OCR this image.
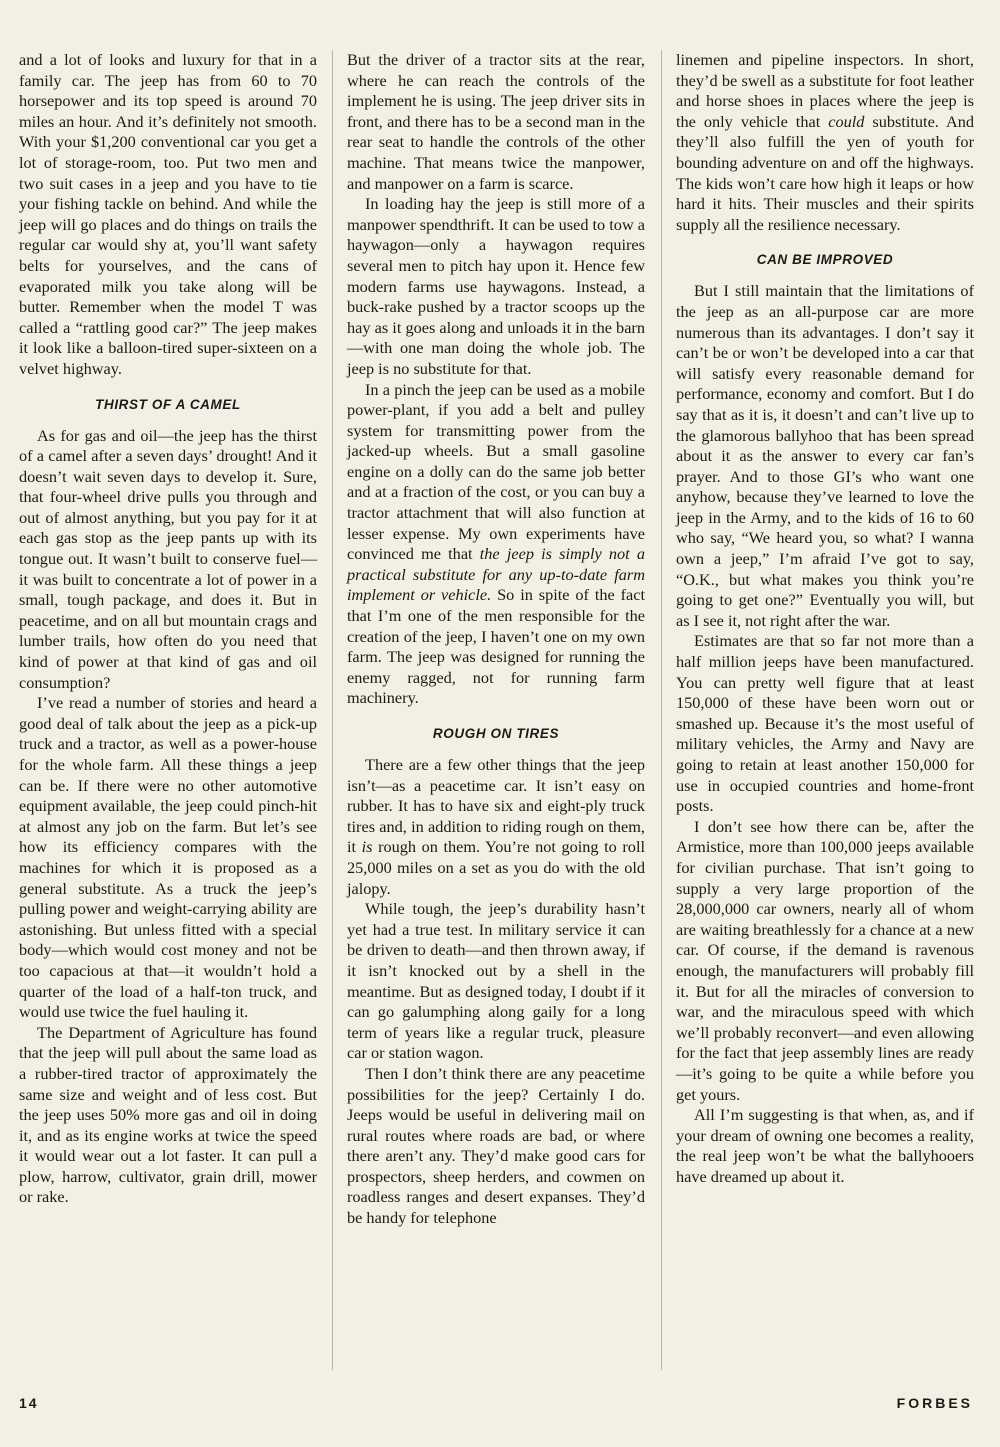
and a lot of looks and luxury for that in a family car. The jeep has from 60 to 70 horsepower and its top speed is around 70 miles an hour. And it’s definitely not smooth. With your $1,200 conventional car you get a lot of storage-room, too. Put two men and two suit cases in a jeep and you have to tie your fishing tackle on behind. And while the jeep will go places and do things on trails the regular car would shy at, you’ll want safety belts for yourselves, and the cans of evaporated milk you take along will be butter. Remember when the model T was called a “rattling good car?” The jeep makes it look like a balloon-tired super-sixteen on a velvet highway.

THIRST OF A CAMEL

As for gas and oil—the jeep has the thirst of a camel after a seven days’ drought! And it doesn’t wait seven days to develop it. Sure, that four-wheel drive pulls you through and out of almost anything, but you pay for it at each gas stop as the jeep pants up with its tongue out. It wasn’t built to conserve fuel—it was built to concentrate a lot of power in a small, tough package, and does it. But in peacetime, and on all but mountain crags and lumber trails, how often do you need that kind of power at that kind of gas and oil consumption?

I’ve read a number of stories and heard a good deal of talk about the jeep as a pick-up truck and a tractor, as well as a power-house for the whole farm. All these things a jeep can be. If there were no other automotive equipment available, the jeep could pinch-hit at almost any job on the farm. But let’s see how its efficiency compares with the machines for which it is proposed as a general substitute. As a truck the jeep’s pulling power and weight-carrying ability are astonishing. But unless fitted with a special body—which would cost money and not be too capacious at that—it wouldn’t hold a quarter of the load of a half-ton truck, and would use twice the fuel hauling it.

The Department of Agriculture has found that the jeep will pull about the same load as a rubber-tired tractor of approximately the same size and weight and of less cost. But the jeep uses 50% more gas and oil in doing it, and as its engine works at twice the speed it would wear out a lot faster. It can pull a plow, harrow, cultivator, grain drill, mower or rake.

But the driver of a tractor sits at the rear, where he can reach the controls of the implement he is using. The jeep driver sits in front, and there has to be a second man in the rear seat to handle the controls of the other machine. That means twice the manpower, and manpower on a farm is scarce.

In loading hay the jeep is still more of a manpower spendthrift. It can be used to tow a haywagon—only a haywagon requires several men to pitch hay upon it. Hence few modern farms use haywagons. Instead, a buck-rake pushed by a tractor scoops up the hay as it goes along and unloads it in the barn—with one man doing the whole job. The jeep is no substitute for that.

In a pinch the jeep can be used as a mobile power-plant, if you add a belt and pulley system for transmitting power from the jacked-up wheels. But a small gasoline engine on a dolly can do the same job better and at a fraction of the cost, or you can buy a tractor attachment that will also function at lesser expense. My own experiments have convinced me that the jeep is simply not a practical substitute for any up-to-date farm implement or vehicle. So in spite of the fact that I’m one of the men responsible for the creation of the jeep, I haven’t one on my own farm. The jeep was designed for running the enemy ragged, not for running farm machinery.

ROUGH ON TIRES

There are a few other things that the jeep isn’t—as a peacetime car. It isn’t easy on rubber. It has to have six and eight-ply truck tires and, in addition to riding rough on them, it is rough on them. You’re not going to roll 25,000 miles on a set as you do with the old jalopy.

While tough, the jeep’s durability hasn’t yet had a true test. In military service it can be driven to death—and then thrown away, if it isn’t knocked out by a shell in the meantime. But as designed today, I doubt if it can go galumphing along gaily for a long term of years like a regular truck, pleasure car or station wagon.

Then I don’t think there are any peacetime possibilities for the jeep? Certainly I do. Jeeps would be useful in delivering mail on rural routes where roads are bad, or where there aren’t any. They’d make good cars for prospectors, sheep herders, and cowmen on roadless ranges and desert expanses. They’d be handy for telephone

linemen and pipeline inspectors. In short, they’d be swell as a substitute for foot leather and horse shoes in places where the jeep is the only vehicle that could substitute. And they’ll also fulfill the yen of youth for bounding adventure on and off the highways. The kids won’t care how high it leaps or how hard it hits. Their muscles and their spirits supply all the resilience necessary.

CAN BE IMPROVED

But I still maintain that the limitations of the jeep as an all-purpose car are more numerous than its advantages. I don’t say it can’t be or won’t be developed into a car that will satisfy every reasonable demand for performance, economy and comfort. But I do say that as it is, it doesn’t and can’t live up to the glamorous ballyhoo that has been spread about it as the answer to every car fan’s prayer. And to those GI’s who want one anyhow, because they’ve learned to love the jeep in the Army, and to the kids of 16 to 60 who say, “We heard you, so what? I wanna own a jeep,” I’m afraid I’ve got to say, “O.K., but what makes you think you’re going to get one?” Eventually you will, but as I see it, not right after the war.

Estimates are that so far not more than a half million jeeps have been manufactured. You can pretty well figure that at least 150,000 of these have been worn out or smashed up. Because it’s the most useful of military vehicles, the Army and Navy are going to retain at least another 150,000 for use in occupied countries and home-front posts.

I don’t see how there can be, after the Armistice, more than 100,000 jeeps available for civilian purchase. That isn’t going to supply a very large proportion of the 28,000,000 car owners, nearly all of whom are waiting breathlessly for a chance at a new car. Of course, if the demand is ravenous enough, the manufacturers will probably fill it. But for all the miracles of conversion to war, and the miraculous speed with which we’ll probably reconvert—and even allowing for the fact that jeep assembly lines are ready—it’s going to be quite a while before you get yours.

All I’m suggesting is that when, as, and if your dream of owning one becomes a reality, the real jeep won’t be what the ballyhooers have dreamed up about it.

14	FORBES
